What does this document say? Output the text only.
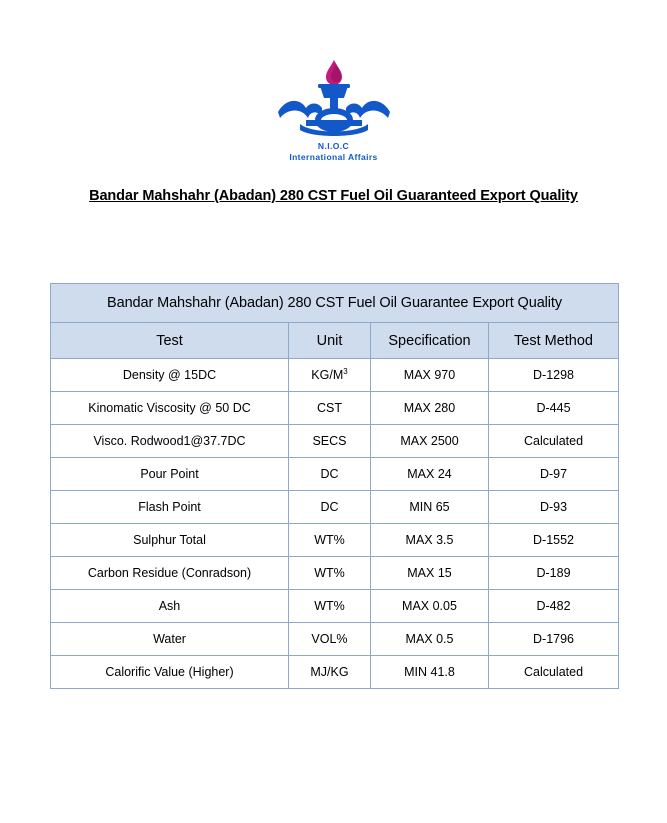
N.I.O.C
International Affairs
Bandar Mahshahr (Abadan) 280 CST Fuel Oil Guaranteed Export Quality
Bandar Mahshahr (Abadan) 280 CST Fuel Oil Guarantee Export Quality			
Test	Unit	Specification	Test Method
Density @ 15DC	$KG/M^3$	MAX 970	D-1298
Kinomatic Viscosity @ 50 DC	CST	MAX 280	D-445
Visco. Rodwood1@37.7DC	SECS	MAX 2500	Calculated
Pour Point	DC	MAX 24	D-97
Flash Point	DC	MIN 65	D-93
Sulphur Total	WT%	MAX 3.5	D-1552
Carbon Residue (Conradson)	WT%	MAX 15	D-189
Ash	WT%	MAX 0.05	D-482
Water	VOL%	MAX 0.5	D-1796
Calorific Value (Higher)	MJ/KG	MIN 41.8	Calculated
